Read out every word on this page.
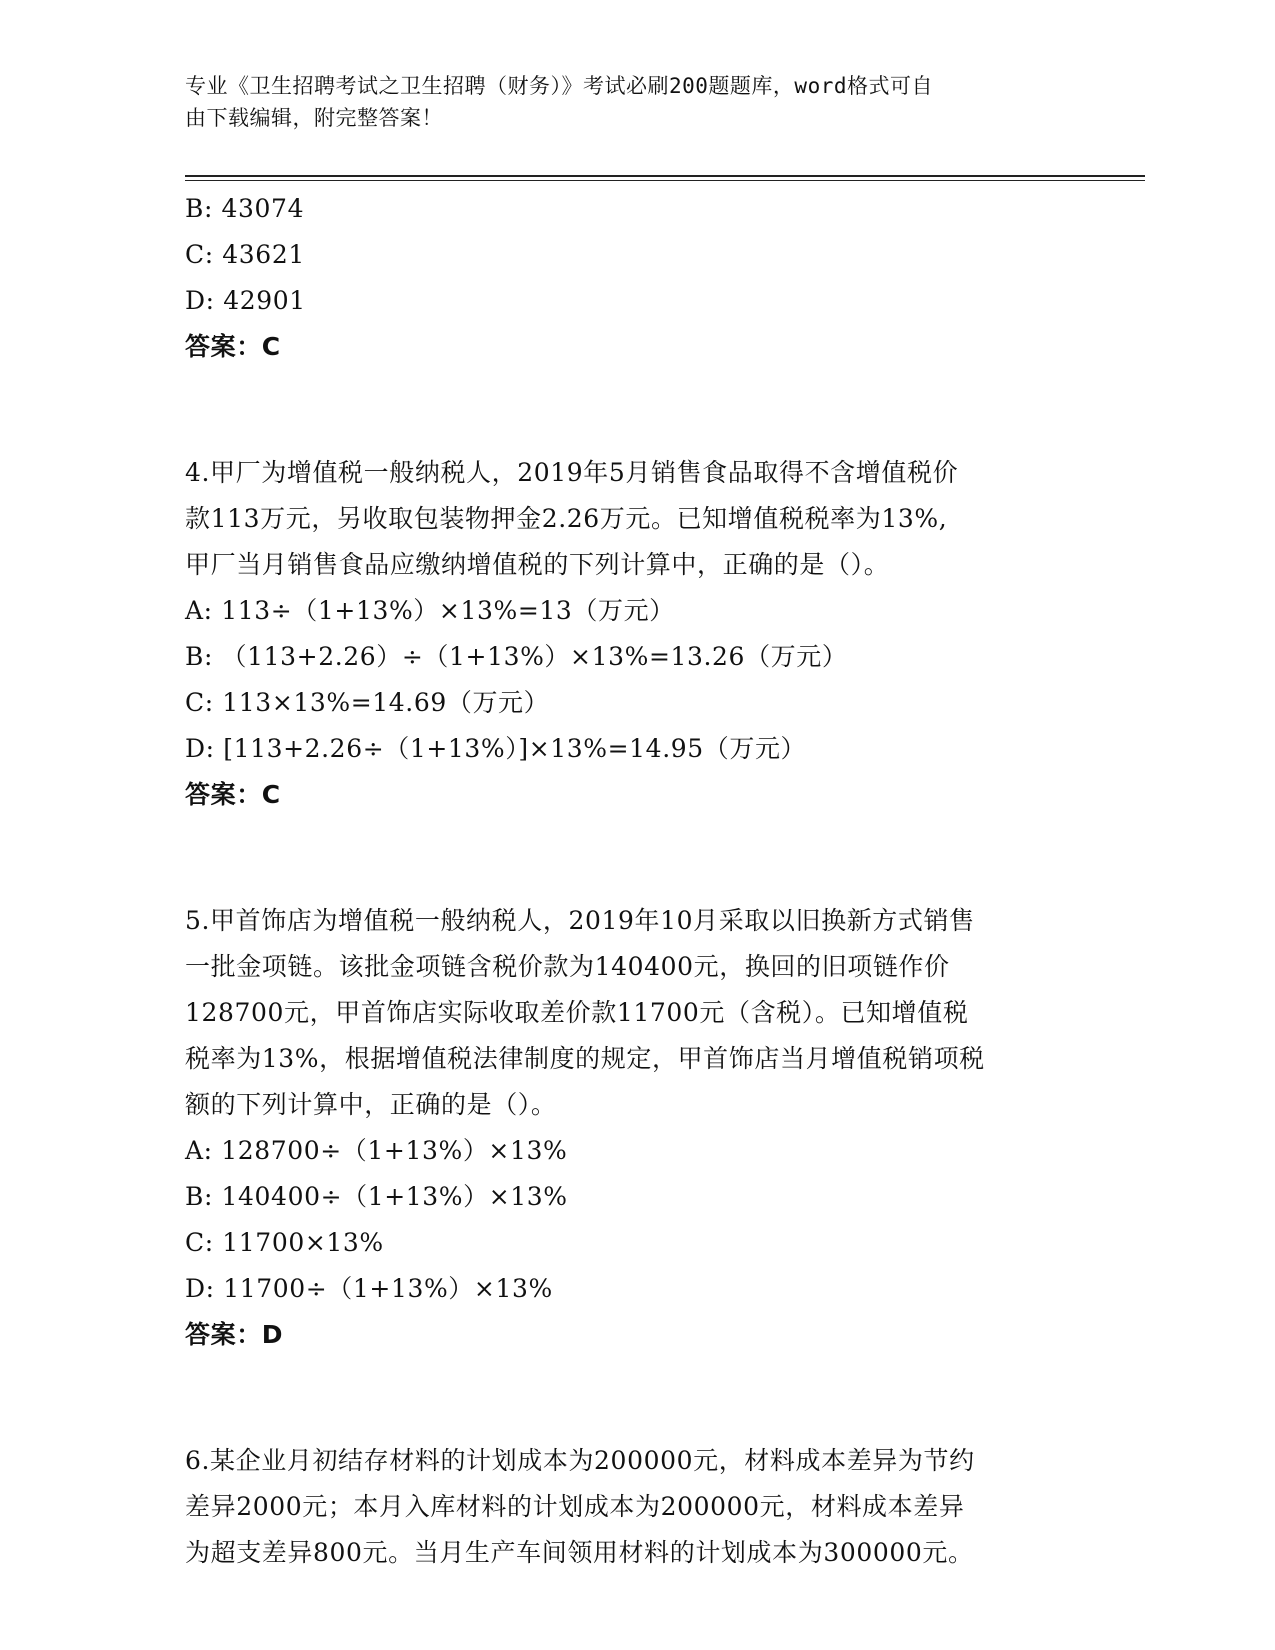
专业《卫生招聘考试之卫生招聘（财务）》考试必刷200题题库，word格式可自
由下载编辑，附完整答案！
B: 43074
C: 43621
D: 42901
答案：C
4.甲厂为增值税一般纳税人，2019年5月销售食品取得不含增值税价
款113万元，另收取包装物押金2.26万元。已知增值税税率为13%,
甲厂当月销售食品应缴纳增值税的下列计算中，正确的是（）。
A: 113÷（1+13%）×13%=13（万元）
B: （113+2.26）÷（1+13%）×13%=13.26（万元）
C: 113×13%=14.69（万元）
D: [113+2.26÷（1+13%）]×13%=14.95（万元）
答案：C
5.甲首饰店为增值税一般纳税人，2019年10月采取以旧换新方式销售
一批金项链。该批金项链含税价款为140400元，换回的旧项链作价
128700元，甲首饰店实际收取差价款11700元（含税）。已知增值税
税率为13%，根据增值税法律制度的规定，甲首饰店当月增值税销项税
额的下列计算中，正确的是（）。
A: 128700÷（1+13%）×13%
B: 140400÷（1+13%）×13%
C: 11700×13%
D: 11700÷（1+13%）×13%
答案：D
6.某企业月初结存材料的计划成本为200000元，材料成本差异为节约
差异2000元；本月入库材料的计划成本为200000元，材料成本差异
为超支差异800元。当月生产车间领用材料的计划成本为300000元。
